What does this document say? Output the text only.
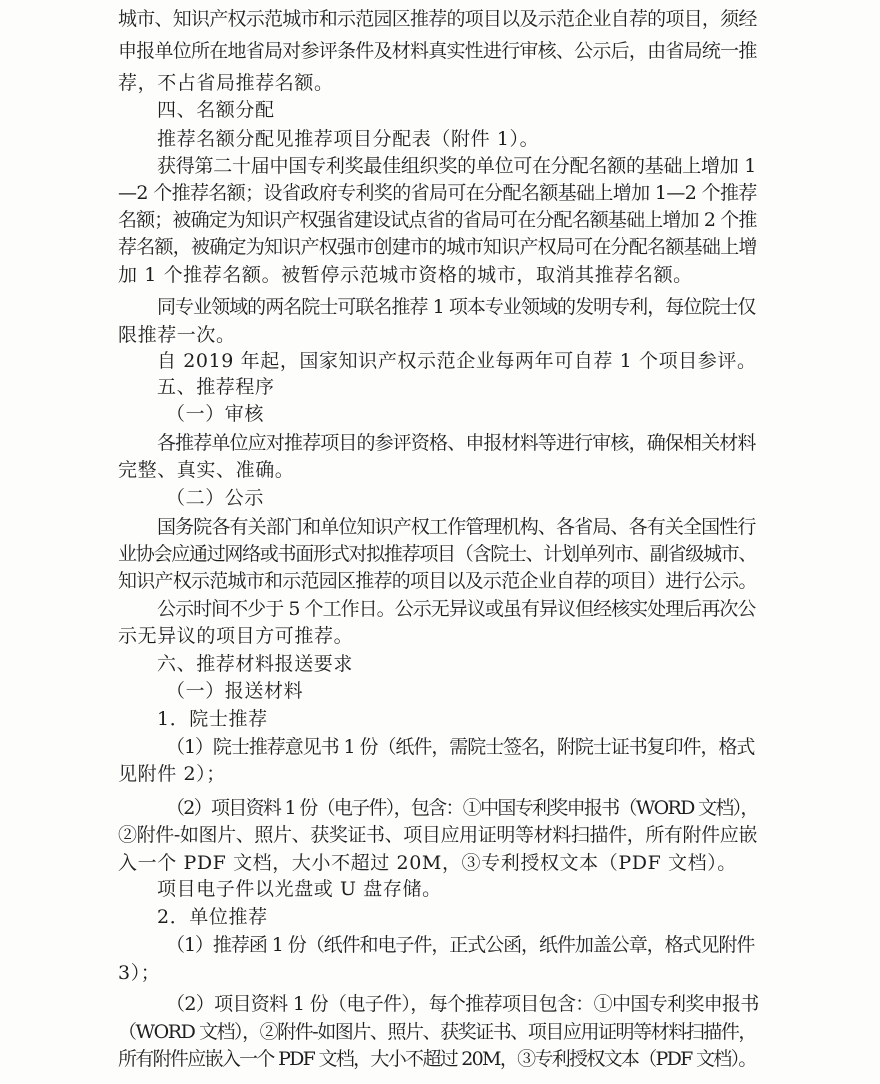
城市、知识产权示范城市和示范园区推荐的项目以及示范企业自荐的项目，须经
申报单位所在地省局对参评条件及材料真实性进行审核、公示后，由省局统一推
荐，不占省局推荐名额。
四、名额分配
推荐名额分配见推荐项目分配表（附件 1）。
获得第二十届中国专利奖最佳组织奖的单位可在分配名额的基础上增加 1
—2 个推荐名额；设省政府专利奖的省局可在分配名额基础上增加 1—2 个推荐
名额；被确定为知识产权强省建设试点省的省局可在分配名额基础上增加 2 个推
荐名额，被确定为知识产权强市创建市的城市知识产权局可在分配名额基础上增
加 1 个推荐名额。被暂停示范城市资格的城市，取消其推荐名额。
同专业领域的两名院士可联名推荐 1 项本专业领域的发明专利，每位院士仅
限推荐一次。
自 2019 年起，国家知识产权示范企业每两年可自荐 1 个项目参评。
五、推荐程序
（一）审核
各推荐单位应对推荐项目的参评资格、申报材料等进行审核，确保相关材料
完整、真实、准确。
（二）公示
国务院各有关部门和单位知识产权工作管理机构、各省局、各有关全国性行
业协会应通过网络或书面形式对拟推荐项目（含院士、计划单列市、副省级城市、
知识产权示范城市和示范园区推荐的项目以及示范企业自荐的项目）进行公示。
公示时间不少于 5 个工作日。公示无异议或虽有异议但经核实处理后再次公
示无异议的项目方可推荐。
六、推荐材料报送要求
（一）报送材料
1．院士推荐
（1）院士推荐意见书 1 份（纸件，需院士签名，附院士证书复印件，格式
见附件 2）；
（2）项目资料 1 份（电子件），包含：①中国专利奖申报书（WORD 文档），
②附件-如图片、照片、获奖证书、项目应用证明等材料扫描件，所有附件应嵌
入一个 PDF 文档，大小不超过 20M，③专利授权文本（PDF 文档）。
项目电子件以光盘或 U 盘存储。
2．单位推荐
（1）推荐函 1 份（纸件和电子件，正式公函，纸件加盖公章，格式见附件
3）；
（2）项目资料 1 份（电子件），每个推荐项目包含：①中国专利奖申报书
（WORD 文档），②附件-如图片、照片、获奖证书、项目应用证明等材料扫描件，
所有附件应嵌入一个 PDF 文档，大小不超过 20M，③专利授权文本（PDF 文档）。
